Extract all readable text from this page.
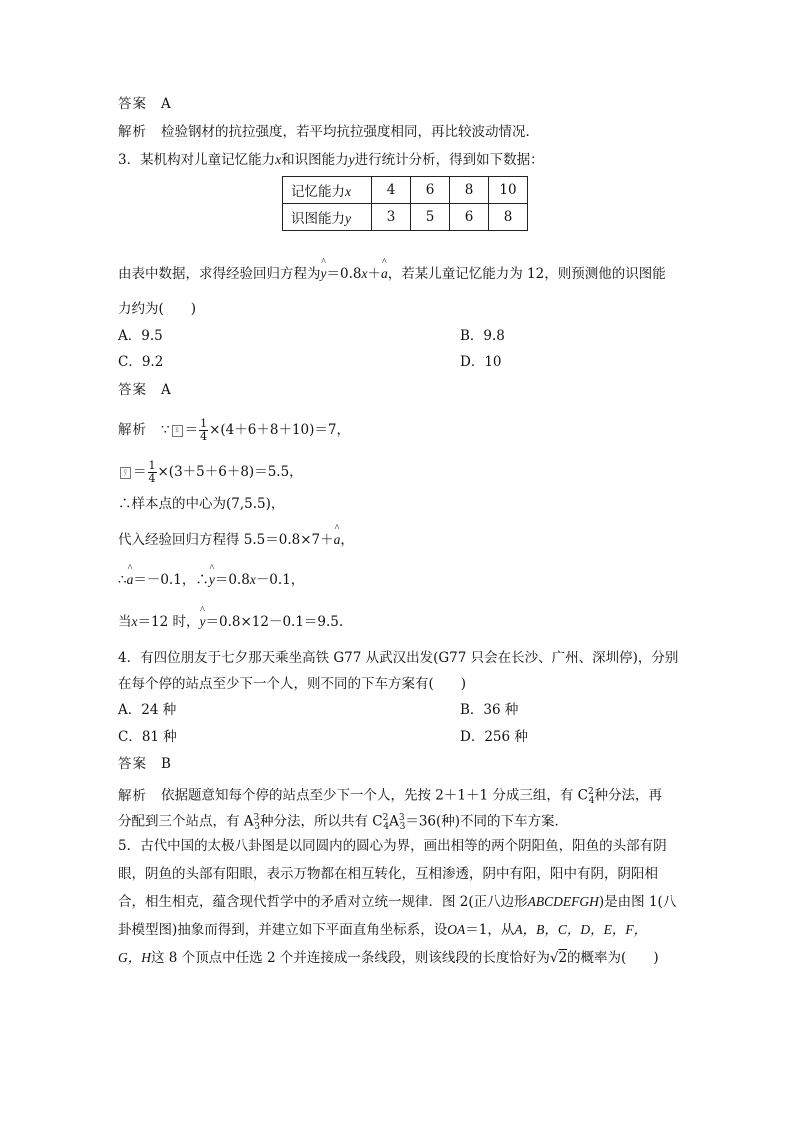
答案 A
解析 检验钢材的抗拉强度，若平均抗拉强度相同，再比较波动情况．
3．某机构对儿童记忆能力x和识图能力y进行统计分析，得到如下数据：
记忆能力x	4	6	8	10
识图能力y	3	5	6	8
由表中数据，求得经验回归方程为^ y＝0.8x＋^ a，若某儿童记忆能力为 12，则预测他的识图能
力约为(　　)
A．9.5	B．9.8
C．9.2	D．10
答案 A
解析 ∵ x̄ ＝ $\frac{1}{4} \times(4+6+8+10)=7$，
ȳ ＝ $\frac{1}{4} \times(3+5+6+8)=5.5$，
∴样本点的中心为(7,5.5)，
代入经验回归方程得 5.5＝0.8×7＋^ a，
∴^ a＝－0.1，∴^ y＝0.8x－0.1，
当x＝12 时，^ y＝0.8×12－0.1＝9.5.
4．有四位朋友于七夕那天乘坐高铁 G77 从武汉出发(G77 只会在长沙、广州、深圳停)，分别
在每个停的站点至少下一个人，则不同的下车方案有(　　)
A．24 种	B．36 种
C．81 种	D．256 种
答案 B
解析 依据题意知每个停的站点至少下一个人，先按 2＋1＋1 分成三组，有 $C^2_4$种分法，再
分配到三个站点，有 $A^3_3$种分法，所以共有 $C^2_4A^3_3=36$(种)不同的下车方案．
5．古代中国的太极八卦图是以同圆内的圆心为界，画出相等的两个阴阳鱼，阳鱼的头部有阴
眼，阴鱼的头部有阳眼，表示万物都在相互转化，互相渗透，阴中有阳，阳中有阴，阴阳相
合，相生相克，蕴含现代哲学中的矛盾对立统一规律．图 2(正八边形ABCDEFGH)是由图 1(八
卦模型图)抽象而得到，并建立如下平面直角坐标系，设OA＝1，从A，B，C，D，E，F，
G，H这 8 个顶点中任选 2 个并连接成一条线段，则该线段的长度恰好为√2的概率为(　　)
